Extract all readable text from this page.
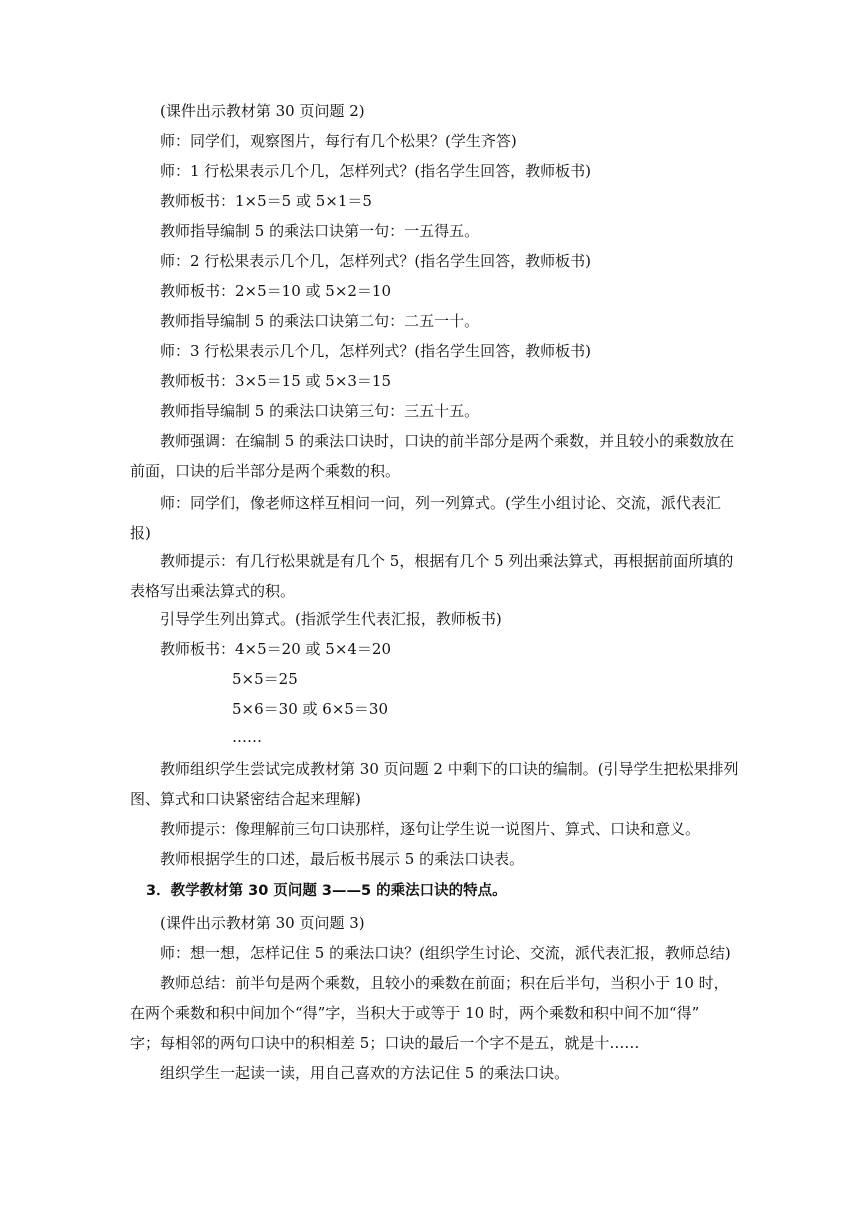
(课件出示教材第 30 页问题 2)
师：同学们，观察图片，每行有几个松果？(学生齐答)
师：1 行松果表示几个几，怎样列式？(指名学生回答，教师板书)
教师板书：1×5＝5 或 5×1＝5
教师指导编制 5 的乘法口诀第一句：一五得五。
师：2 行松果表示几个几，怎样列式？(指名学生回答，教师板书)
教师板书：2×5＝10 或 5×2＝10
教师指导编制 5 的乘法口诀第二句：二五一十。
师：3 行松果表示几个几，怎样列式？(指名学生回答，教师板书)
教师板书：3×5＝15 或 5×3＝15
教师指导编制 5 的乘法口诀第三句：三五十五。
教师强调：在编制 5 的乘法口诀时，口诀的前半部分是两个乘数，并且较小的乘数放在
前面，口诀的后半部分是两个乘数的积。
师：同学们，像老师这样互相问一问，列一列算式。(学生小组讨论、交流，派代表汇
报)
教师提示：有几行松果就是有几个 5，根据有几个 5 列出乘法算式，再根据前面所填的
表格写出乘法算式的积。
引导学生列出算式。(指派学生代表汇报，教师板书)
教师板书：4×5＝20 或 5×4＝20
5×5＝25
5×6＝30 或 6×5＝30
……
教师组织学生尝试完成教材第 30 页问题 2 中剩下的口诀的编制。(引导学生把松果排列
图、算式和口诀紧密结合起来理解)
教师提示：像理解前三句口诀那样，逐句让学生说一说图片、算式、口诀和意义。
教师根据学生的口述，最后板书展示 5 的乘法口诀表。
3．教学教材第 30 页问题 3——5 的乘法口诀的特点。
(课件出示教材第 30 页问题 3)
师：想一想，怎样记住 5 的乘法口诀？(组织学生讨论、交流，派代表汇报，教师总结)
教师总结：前半句是两个乘数，且较小的乘数在前面；积在后半句，当积小于 10 时，
在两个乘数和积中间加个“得”字，当积大于或等于 10 时，两个乘数和积中间不加“得”
字；每相邻的两句口诀中的积相差 5；口诀的最后一个字不是五，就是十……
组织学生一起读一读，用自己喜欢的方法记住 5 的乘法口诀。
